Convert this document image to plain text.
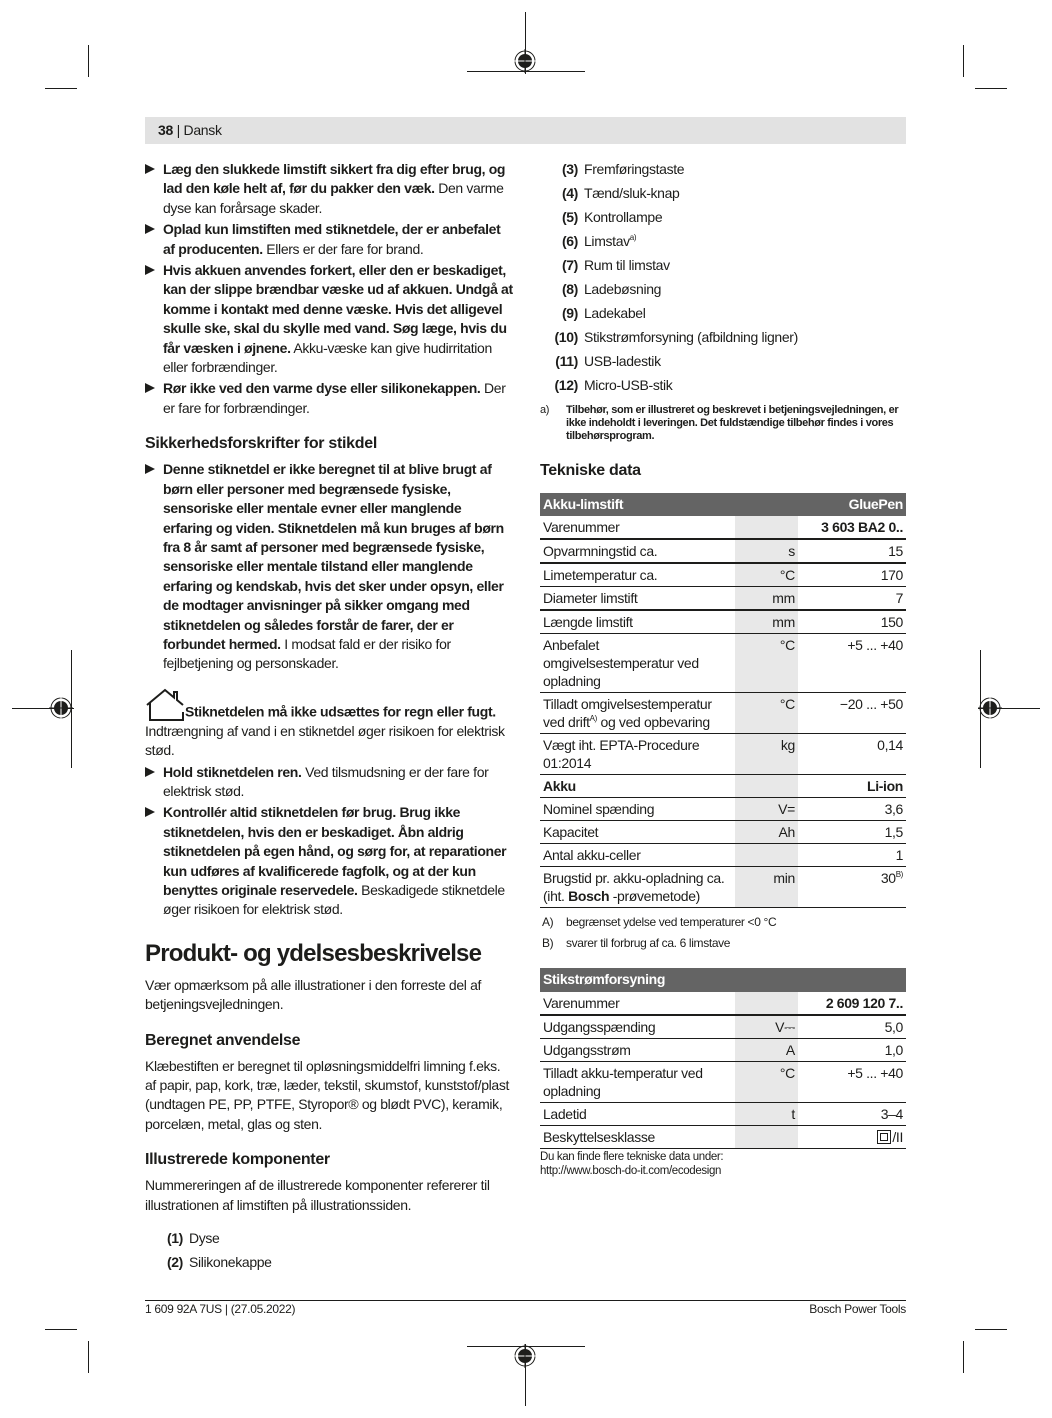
38 | Dansk
Læg den slukkede limstift sikkert fra dig efter brug, og lad den køle helt af, før du pakker den væk. Den varme dyse kan forårsage skader.
Oplad kun limstiften med stiknetdele, der er anbefalet af producenten. Ellers er der fare for brand.
Hvis akkuen anvendes forkert, eller den er beskadiget, kan der slippe brændbar væske ud af akkuen. Undgå at komme i kontakt med denne væske. Hvis det alligevel skulle ske, skal du skylle med vand. Søg læge, hvis du får væsken i øjnene. Akku-væske kan give hudirritation eller forbrændinger.
Rør ikke ved den varme dyse eller silikonekappen. Der er fare for forbrændinger.
Sikkerhedsforskrifter for stikdel
Denne stiknetdel er ikke beregnet til at blive brugt af børn eller personer med begrænsede fysiske, sensoriske eller mentale evner eller manglende erfaring og viden. Stiknetdelen må kun bruges af børn fra 8 år samt af personer med begrænsede fysiske, sensoriske eller mentale tilstand eller manglende erfaring og kendskab, hvis det sker under opsyn, eller de modtager anvisninger på sikker omgang med stiknetdelen og således forstår de farer, der er forbundet hermed. I modsat fald er der risiko for fejlbetjening og personskader.
Stiknetdelen må ikke udsættes for regn eller fugt.

Indtrængning af vand i en stiknetdel øger risikoen for elektrisk stød.

Hold stiknetdelen ren. Ved tilsmudsning er der fare for elektrisk stød.
Kontrollér altid stiknetdelen før brug. Brug ikke stiknetdelen, hvis den er beskadiget. Åbn aldrig stiknetdelen på egen hånd, og sørg for, at reparationer kun udføres af kvalificerede fagfolk, og at der kun benyttes originale reservedele. Beskadigede stiknetdele øger risikoen for elektrisk stød.
Produkt- og ydelsesbeskrivelse

Vær opmærksom på alle illustrationer i den forreste del af betjeningsvejledningen.

Beregnet anvendelse

Klæbestiften er beregnet til opløsningsmiddelfri limning f.eks. af papir, pap, kork, træ, læder, tekstil, skumstof, kunststof/plast (undtagen PE, PP, PTFE, Styropor® og blødt PVC), keramik, porcelæn, metal, glas og sten.

Illustrerede komponenter

Nummereringen af de illustrerede komponenter refererer til illustrationen af limstiften på illustrationssiden.

(1) Dyse
(2) Silikonekappe
(3) Fremføringstaste
(4) Tænd/sluk-knap
(5) Kontrollampe
(6) Limstav$^{a)}$
(7) Rum til limstav
(8) Ladebøsning
(9) Ladekabel
(10) Stikstrømforsyning (afbildning ligner)
(11) USB-ladestik
(12) Micro-USB-stik
a) Tilbehør, som er illustreret og beskrevet i betjeningsvejledningen, er ikke indeholdt i leveringen. Det fuldstændige tilbehør findes i vores tilbehørsprogram.
Tekniske data
Akku-limstift		GluePen
Varenummer		3 603 BA2 0..
Opvarmningstid ca.	s	15
Limetemperatur ca.	°C	170
Diameter limstift	mm	7
Længde limstift	mm	150
Anbefalet omgivelsestemperatur ved opladning	°C	+5 ... +40
Tilladt omgivelsestemperatur ved drift$^{A)}$ og ved opbevaring	°C	−20 ... +50
Vægt iht. EPTA-Procedure 01:2014	kg	0,14
Akku		Li-ion
Nominel spænding	V=	3,6
Kapacitet	Ah	1,5
Antal akku-celler		1
Brugstid pr. akku-opladning ca. (iht. Bosch -prøvemetode)	min	$30^{B)}$
A) begrænset ydelse ved temperaturer <0 °C
B) svarer til forbrug af ca. 6 limstave
Stikstrømforsyning		
Varenummer		2 609 120 7..
Udgangsspænding	V⎓	5,0
Udgangsstrøm	A	1,0
Tilladt akku-temperatur ved opladning	°C	+5 ... +40
Ladetid	t	3–4
Beskyttelsesklasse		/II
Du kan finde flere tekniske data under:
http://www.bosch-do-it.com/ecodesign
1 609 92A 7US | (27.05.2022)	Bosch Power Tools
